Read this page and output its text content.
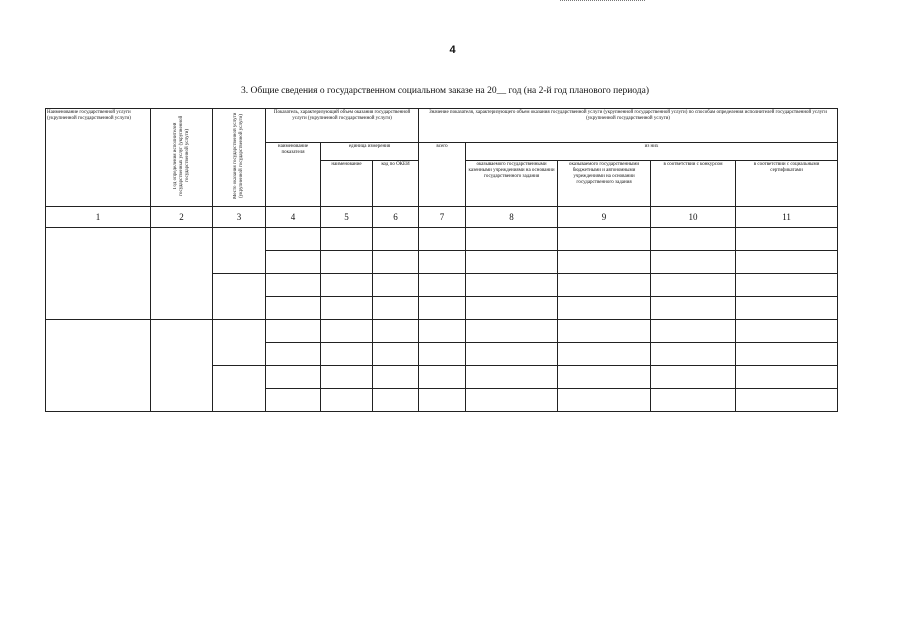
4
3. Общие сведения о государственном социальном заказе на 20__ год (на 2-й год планового периода)
Наименование государственной услуги (укрупненной государственной услуги)	Год определения исполнителей государственных услуг (укрупненной государственной услуги)	Место оказания государственной услуги (укрупненной государственной услуги)	Показатель, характеризующий объем оказания государственной услуги (укрупненной государственной услуги)			Значение показателя, характеризующего объем оказания государственной услуги (укрупненной государственной услуги) по способам определения исполнителей государственной услуги (укрупненной государственной услуги)				
			наименование показателя	единица измерения		всего	из них			
				наименование	код по ОКЕИ		оказываемого государственными казенными учреждениями на основании государственного задания	оказываемого государственными бюджетными и автономными учреждениями на основании государственного задания	в соответствии с конкурсом	в соответствии с социальными сертификатами
1	2	3	4	5	6	7	8	9	10	11
